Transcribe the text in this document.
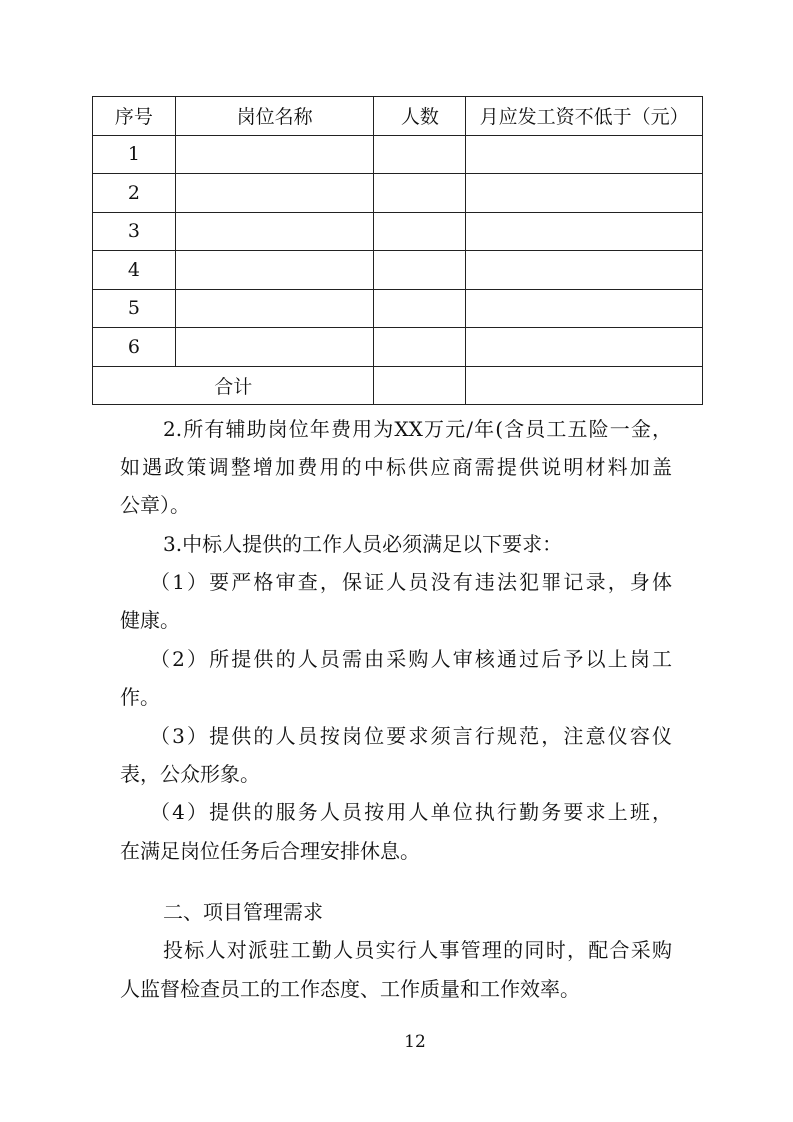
序号	岗位名称	人数	月应发工资不低于（元）
1			
2			
3			
4			
5			
6			
合计			
2.所有辅助岗位年费用为XX万元/年(含员工五险一金，
如遇政策调整增加费用的中标供应商需提供说明材料加盖
公章）。
3.中标人提供的工作人员必须满足以下要求：
（1）要严格审查，保证人员没有违法犯罪记录，身体
健康。
（2）所提供的人员需由采购人审核通过后予以上岗工
作。
（3）提供的人员按岗位要求须言行规范，注意仪容仪
表，公众形象。
（4）提供的服务人员按用人单位执行勤务要求上班，
在满足岗位任务后合理安排休息。
二、项目管理需求
投标人对派驻工勤人员实行人事管理的同时，配合采购
人监督检查员工的工作态度、工作质量和工作效率。
12
